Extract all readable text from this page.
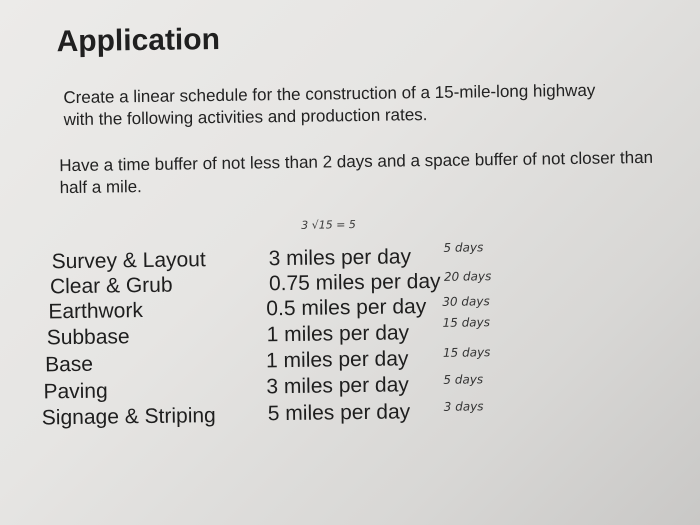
Application
Create a linear schedule for the construction of a 15-mile-long highway with the following activities and production rates.
Have a time buffer of not less than 2 days and a space buffer of not closer than half a mile.
3 √15 = 5
Survey & Layout	3 miles per day	5 days
Clear & Grub	0.75 miles per day 20 days
Earthwork	0.5 miles per day 30 days
Subbase	1 miles per day	15 days
Base	1 miles per day	15 days
Paving	3 miles per day	5 days
Signage & Striping 5 miles per day	3 days
